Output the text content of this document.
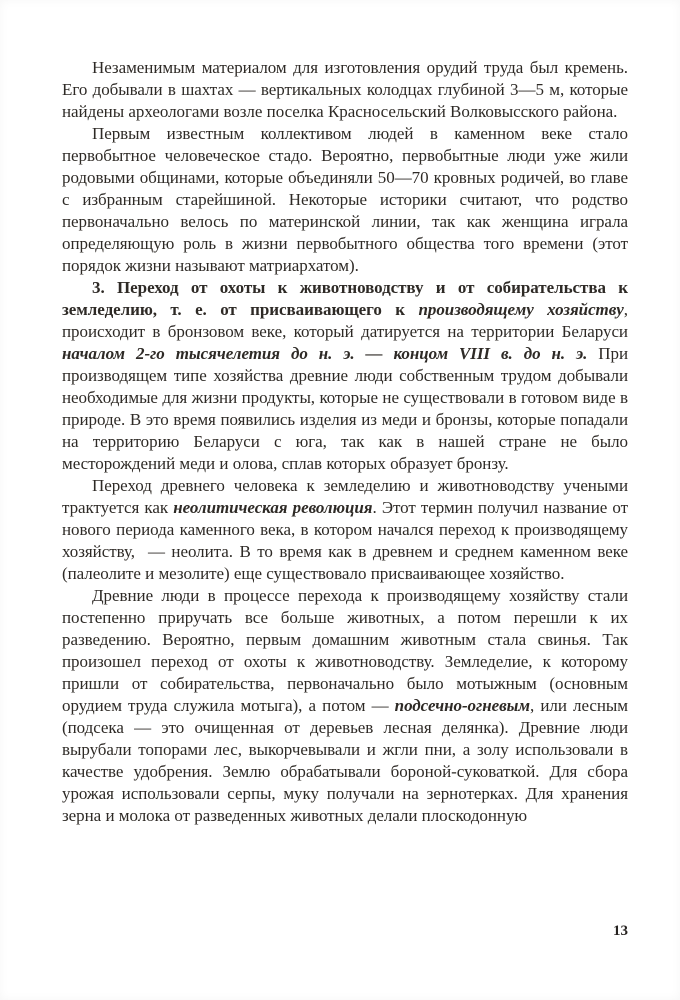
Незаменимым материалом для изготовления орудий труда был кремень. Его добывали в шахтах — вертикальных колодцах глубиной 3—5 м, которые найдены археологами возле поселка Красносельский Волковысского района.

Первым известным коллективом людей в каменном веке стало первобытное человеческое стадо. Вероятно, первобытные люди уже жили родовыми общинами, которые объединяли 50—70 кровных родичей, во главе с избранным старейшиной. Некоторые историки считают, что родство первоначально велось по материнской линии, так как женщина играла определяющую роль в жизни первобытного общества того времени (этот порядок жизни называют матриархатом).

3. Переход от охоты к животноводству и от собирательства к земледелию, т. е. от присваивающего к производящему хозяйству, происходит в бронзовом веке, который датируется на территории Беларуси началом 2-го тысячелетия до н. э. — концом VIII в. до н. э. При производящем типе хозяйства древние люди собственным трудом добывали необходимые для жизни продукты, которые не существовали в готовом виде в природе. В это время появились изделия из меди и бронзы, которые попадали на территорию Беларуси с юга, так как в нашей стране не было месторождений меди и олова, сплав которых образует бронзу.

Переход древнего человека к земледелию и животноводству учеными трактуется как неолитическая революция. Этот термин получил название от нового периода каменного века, в котором начался переход к производящему хозяйству,  — неолита. В то время как в древнем и среднем каменном веке (палеолите и мезолите) еще существовало присваивающее хозяйство.

Древние люди в процессе перехода к производящему хозяйству стали постепенно приручать все больше животных, а потом перешли к их разведению. Вероятно, первым домашним животным стала свинья. Так произошел переход от охоты к животноводству. Земледелие, к которому пришли от собирательства, первоначально было мотыжным (основным орудием труда служила мотыга), а потом — подсечно-огневым, или лесным (подсека — это очищенная от деревьев лесная делянка). Древние люди вырубали топорами лес, выкорчевывали и жгли пни, а золу использовали в качестве удобрения. Землю обрабатывали бороной-суковаткой. Для сбора урожая использовали серпы, муку получали на зернотерках. Для хранения зерна и молока от разведенных животных делали плоскодонную

13
